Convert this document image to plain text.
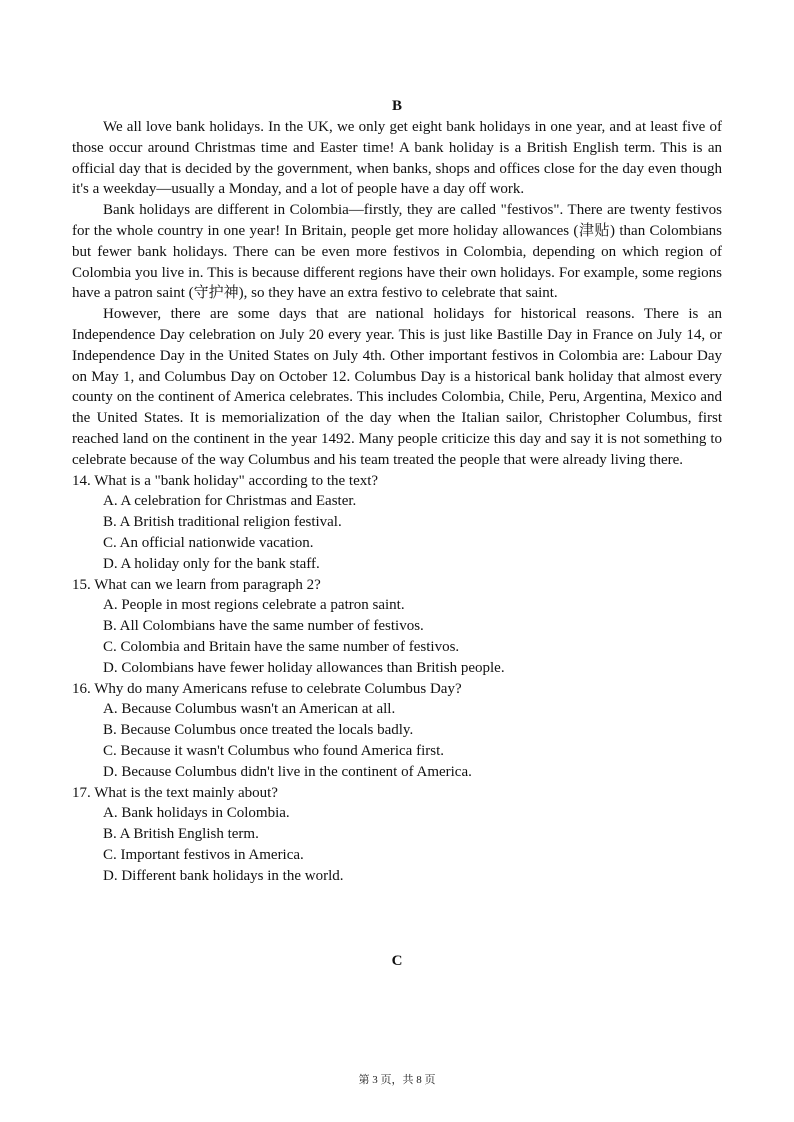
B

We all love bank holidays. In the UK, we only get eight bank holidays in one year, and at least five of those occur around Christmas time and Easter time! A bank holiday is a British English term. This is an official day that is decided by the government, when banks, shops and offices close for the day even though it's a weekday—usually a Monday, and a lot of people have a day off work.

Bank holidays are different in Colombia—firstly, they are called "festivos". There are twenty festivos for the whole country in one year! In Britain, people get more holiday allowances (津贴) than Colombians but fewer bank holidays. There can be even more festivos in Colombia, depending on which region of Colombia you live in. This is because different regions have their own holidays. For example, some regions have a patron saint (守护神), so they have an extra festivo to celebrate that saint.

However, there are some days that are national holidays for historical reasons. There is an Independence Day celebration on July 20 every year. This is just like Bastille Day in France on July 14, or Independence Day in the United States on July 4th. Other important festivos in Colombia are: Labour Day on May 1, and Columbus Day on October 12. Columbus Day is a historical bank holiday that almost every county on the continent of America celebrates. This includes Colombia, Chile, Peru, Argentina, Mexico and the United States. It is memorialization of the day when the Italian sailor, Christopher Columbus, first reached land on the continent in the year 1492. Many people criticize this day and say it is not something to celebrate because of the way Columbus and his team treated the people that were already living there.

14. What is a "bank holiday" according to the text?

A. A celebration for Christmas and Easter.

B. A British traditional religion festival.

C. An official nationwide vacation.

D. A holiday only for the bank staff.

15. What can we learn from paragraph 2?

A. People in most regions celebrate a patron saint.

B. All Colombians have the same number of festivos.

C. Colombia and Britain have the same number of festivos.

D. Colombians have fewer holiday allowances than British people.

16. Why do many Americans refuse to celebrate Columbus Day?

A. Because Columbus wasn't an American at all.

B. Because Columbus once treated the locals badly.

C. Because it wasn't Columbus who found America first.

D. Because Columbus didn't live in the continent of America.

17. What is the text mainly about?

A. Bank holidays in Colombia.

B. A British English term.

C. Important festivos in America.

D. Different bank holidays in the world.

C
第 3 页，共 8 页
